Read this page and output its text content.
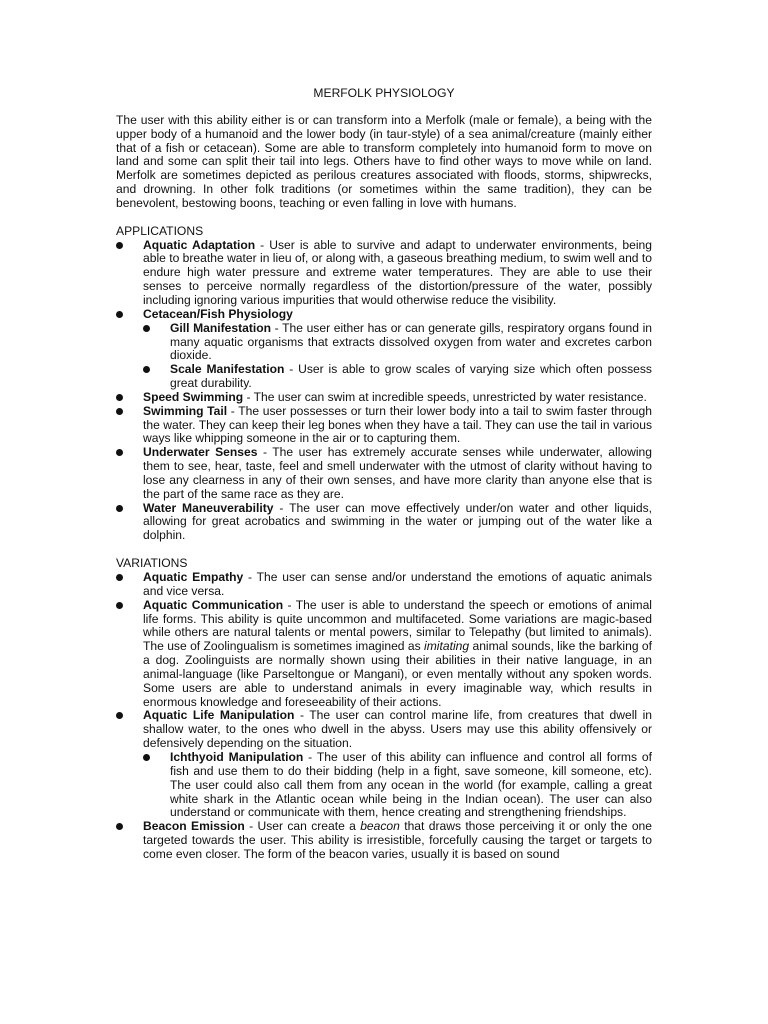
MERFOLK PHYSIOLOGY

The user with this ability either is or can transform into a Merfolk (male or female), a being with the upper body of a humanoid and the lower body (in taur-style) of a sea animal/creature (mainly either that of a fish or cetacean). Some are able to transform completely into humanoid form to move on land and some can split their tail into legs. Others have to find other ways to move while on land. Merfolk are sometimes depicted as perilous creatures associated with floods, storms, shipwrecks, and drowning. In other folk traditions (or sometimes within the same tradition), they can be benevolent, bestowing boons, teaching or even falling in love with humans.

APPLICATIONS
Aquatic Adaptation - User is able to survive and adapt to underwater environments, being able to breathe water in lieu of, or along with, a gaseous breathing medium, to swim well and to endure high water pressure and extreme water temperatures. They are able to use their senses to perceive normally regardless of the distortion/pressure of the water, possibly including ignoring various impurities that would otherwise reduce the visibility.
Cetacean/Fish Physiology
Gill Manifestation - The user either has or can generate gills, respiratory organs found in many aquatic organisms that extracts dissolved oxygen from water and excretes carbon dioxide.
Scale Manifestation - User is able to grow scales of varying size which often possess great durability.
Speed Swimming - The user can swim at incredible speeds, unrestricted by water resistance.
Swimming Tail - The user possesses or turn their lower body into a tail to swim faster through the water. They can keep their leg bones when they have a tail. They can use the tail in various ways like whipping someone in the air or to capturing them.
Underwater Senses - The user has extremely accurate senses while underwater, allowing them to see, hear, taste, feel and smell underwater with the utmost of clarity without having to lose any clearness in any of their own senses, and have more clarity than anyone else that is the part of the same race as they are.
Water Maneuverability - The user can move effectively under/on water and other liquids, allowing for great acrobatics and swimming in the water or jumping out of the water like a dolphin.
VARIATIONS
Aquatic Empathy - The user can sense and/or understand the emotions of aquatic animals and vice versa.
Aquatic Communication - The user is able to understand the speech or emotions of animal life forms. This ability is quite uncommon and multifaceted. Some variations are magic-based while others are natural talents or mental powers, similar to Telepathy (but limited to animals). The use of Zoolingualism is sometimes imagined as imitating animal sounds, like the barking of a dog. Zoolinguists are normally shown using their abilities in their native language, in an animal-language (like Parseltongue or Mangani), or even mentally without any spoken words. Some users are able to understand animals in every imaginable way, which results in enormous knowledge and foreseeability of their actions.
Aquatic Life Manipulation - The user can control marine life, from creatures that dwell in shallow water, to the ones who dwell in the abyss. Users may use this ability offensively or defensively depending on the situation.
Ichthyoid Manipulation - The user of this ability can influence and control all forms of fish and use them to do their bidding (help in a fight, save someone, kill someone, etc). The user could also call them from any ocean in the world (for example, calling a great white shark in the Atlantic ocean while being in the Indian ocean). The user can also understand or communicate with them, hence creating and strengthening friendships.
Beacon Emission - User can create a beacon that draws those perceiving it or only the one targeted towards the user. This ability is irresistible, forcefully causing the target or targets to come even closer. The form of the beacon varies, usually it is based on sound
